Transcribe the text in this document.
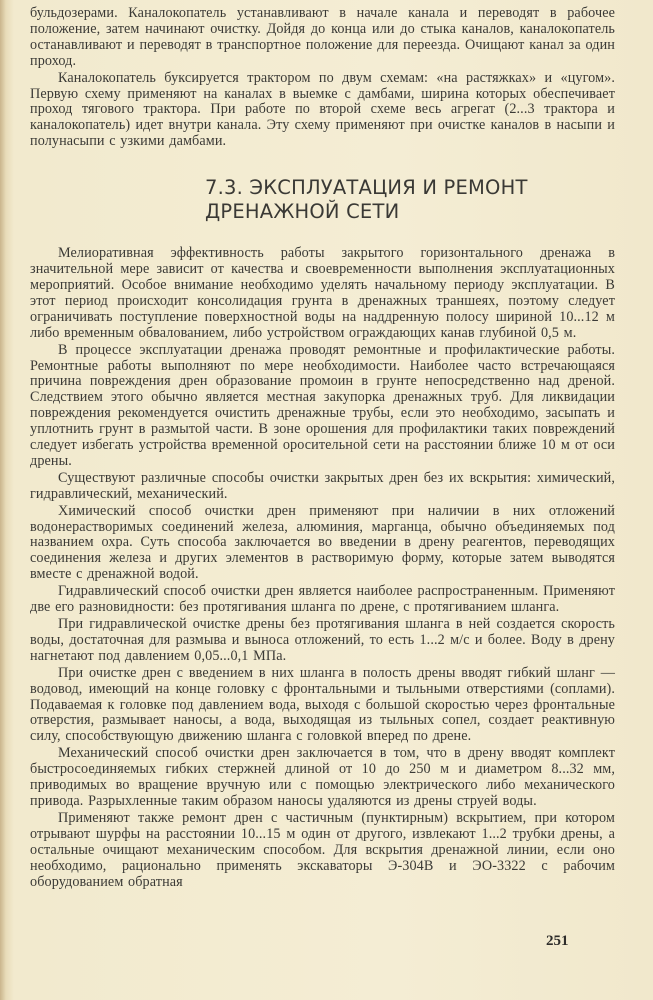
бульдозерами. Каналокопатель устанавливают в начале канала и переводят в рабочее положение, затем начинают очистку. Дойдя до конца или до стыка каналов, каналокопатель останавливают и переводят в транспортное положение для переезда. Очищают канал за один проход.

Каналокопатель буксируется трактором по двум схемам: «на растяжках» и «цугом». Первую схему применяют на каналах в выемке с дамбами, ширина которых обеспечивает проход тягового трактора. При работе по второй схеме весь агрегат (2...3 трактора и каналокопатель) идет внутри канала. Эту схему применяют при очистке каналов в насыпи и полунасыпи с узкими дамбами.

7.3. ЭКСПЛУАТАЦИЯ И РЕМОНТ
ДРЕНАЖНОЙ СЕТИ

Мелиоративная эффективность работы закрытого горизонтального дренажа в значительной мере зависит от качества и своевременности выполнения эксплуатационных мероприятий. Особое внимание необходимо уделять начальному периоду эксплуатации. В этот период происходит консолидация грунта в дренажных траншеях, поэтому следует ограничивать поступление поверхностной воды на наддренную полосу шириной 10...12 м либо временным обвалованием, либо устройством ограждающих канав глубиной 0,5 м.

В процессе эксплуатации дренажа проводят ремонтные и профилактические работы. Ремонтные работы выполняют по мере необходимости. Наиболее часто встречающаяся причина повреждения дрен образование промоин в грунте непосредственно над дреной. Следствием этого обычно является местная закупорка дренажных труб. Для ликвидации повреждения рекомендуется очистить дренажные трубы, если это необходимо, засыпать и уплотнить грунт в размытой части. В зоне орошения для профилактики таких повреждений следует избегать устройства временной оросительной сети на расстоянии ближе 10 м от оси дрены.

Существуют различные способы очистки закрытых дрен без их вскрытия: химический, гидравлический, механический.

Химический способ очистки дрен применяют при наличии в них отложений водонерастворимых соединений железа, алюминия, марганца, обычно объединяемых под названием охра. Суть способа заключается во введении в дрену реагентов, переводящих соединения железа и других элементов в растворимую форму, которые затем выводятся вместе с дренажной водой.

Гидравлический способ очистки дрен является наиболее распространенным. Применяют две его разновидности: без протягивания шланга по дрене, с протягиванием шланга.

При гидравлической очистке дрены без протягивания шланга в ней создается скорость воды, достаточная для размыва и выноса отложений, то есть 1...2 м/с и более. Воду в дрену нагнетают под давлением 0,05...0,1 МПа.

При очистке дрен с введением в них шланга в полость дрены вводят гибкий шланг — водовод, имеющий на конце головку с фронтальными и тыльными отверстиями (соплами). Подаваемая к головке под давлением вода, выходя с большой скоростью через фронтальные отверстия, размывает наносы, а вода, выходящая из тыльных сопел, создает реактивную силу, способствующую движению шланга с головкой вперед по дрене.

Механический способ очистки дрен заключается в том, что в дрену вводят комплект быстросоединяемых гибких стержней длиной от 10 до 250 м и диаметром 8...32 мм, приводимых во вращение вручную или с помощью электрического либо механического привода. Разрыхленные таким образом наносы удаляются из дрены струей воды.

Применяют также ремонт дрен с частичным (пунктирным) вскрытием, при котором отрывают шурфы на расстоянии 10...15 м один от другого, извлекают 1...2 трубки дрены, а остальные очищают механическим способом. Для вскрытия дренажной линии, если оно необходимо, рационально применять экскаваторы Э-304В и ЭО-3322 с рабочим оборудованием обратная

251
